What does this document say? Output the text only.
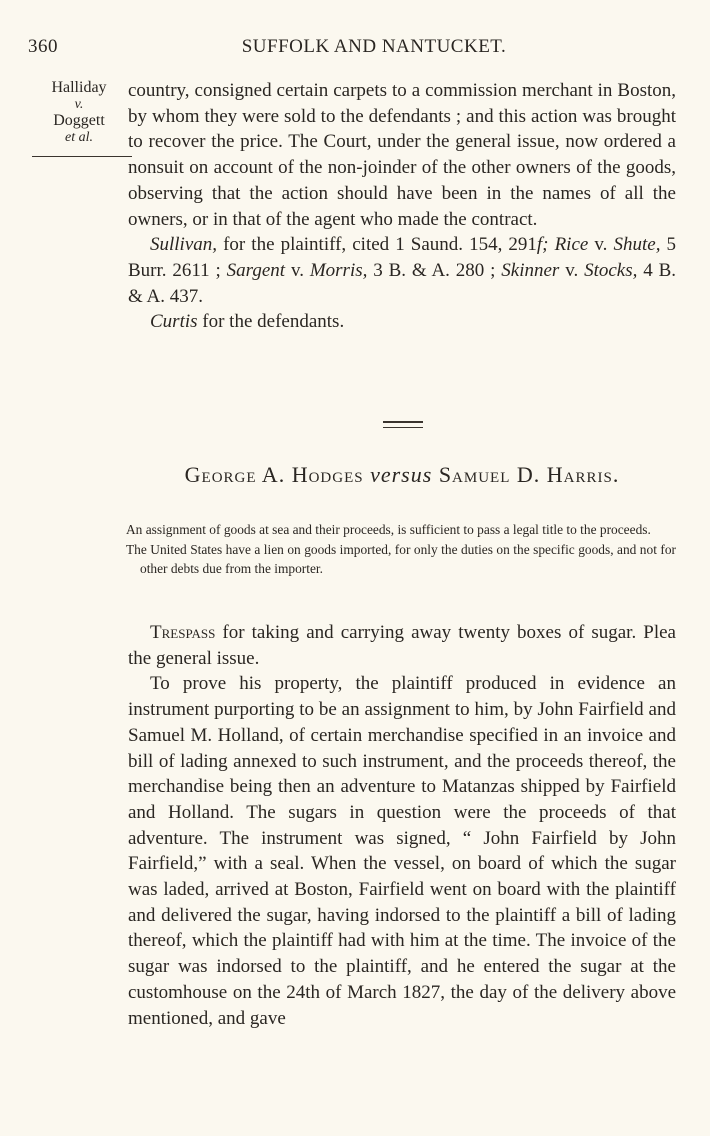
360	SUFFOLK AND NANTUCKET.
Halliday
v.
Doggett
et al.

country, consigned certain carpets to a commission merchant in Boston, by whom they were sold to the defendants ; and this action was brought to recover the price. The Court, under the general issue, now ordered a nonsuit on account of the non-joinder of the other owners of the goods, observing that the action should have been in the names of all the owners, or in that of the agent who made the contract.

Sullivan, for the plaintiff, cited 1 Saund. 154, 291f; Rice v. Shute, 5 Burr. 2611 ; Sargent v. Morris, 3 B. & A. 280 ; Skinner v. Stocks, 4 B. & A. 437.

Curtis for the defendants.

George A. Hodges versus Samuel D. Harris.

An assignment of goods at sea and their proceeds, is sufficient to pass a legal title to the proceeds.

The United States have a lien on goods imported, for only the duties on the specific goods, and not for other debts due from the importer.

Trespass for taking and carrying away twenty boxes of sugar. Plea the general issue.

To prove his property, the plaintiff produced in evidence an instrument purporting to be an assignment to him, by John Fairfield and Samuel M. Holland, of certain merchandise specified in an invoice and bill of lading annexed to such instrument, and the proceeds thereof, the merchandise being then an adventure to Matanzas shipped by Fairfield and Holland. The sugars in question were the proceeds of that adventure. The instrument was signed, “ John Fairfield by John Fairfield,” with a seal. When the vessel, on board of which the sugar was laded, arrived at Boston, Fairfield went on board with the plaintiff and delivered the sugar, having indorsed to the plaintiff a bill of lading thereof, which the plaintiff had with him at the time. The invoice of the sugar was indorsed to the plaintiff, and he entered the sugar at the customhouse on the 24th of March 1827, the day of the delivery above mentioned, and gave
